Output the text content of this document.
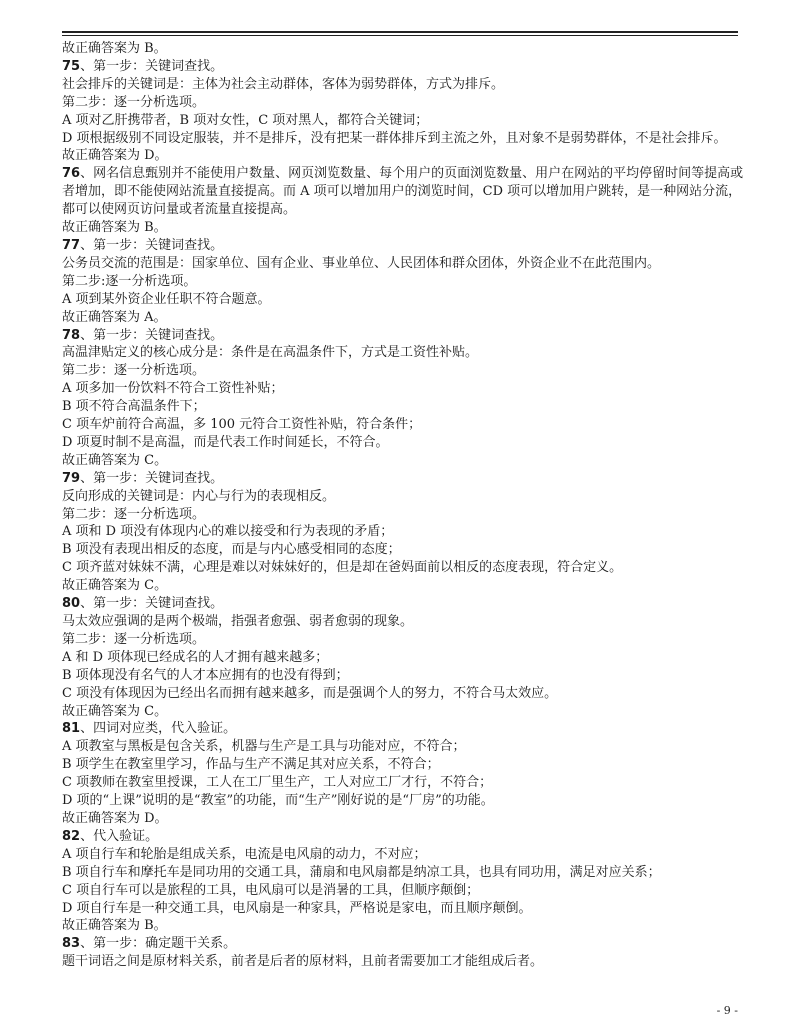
故正确答案为 B。

75、第一步：关键词查找。

社会排斥的关键词是：主体为社会主动群体，客体为弱势群体，方式为排斥。

第二步：逐一分析选项。

A 项对乙肝携带者，B 项对女性，C 项对黑人，都符合关键词；

D 项根据级别不同设定服装，并不是排斥，没有把某一群体排斥到主流之外，且对象不是弱势群体，不是社会排斥。

故正确答案为 D。

76、网名信息甄别并不能使用户数量、网页浏览数量、每个用户的页面浏览数量、用户在网站的平均停留时间等提高或者增加，即不能使网站流量直接提高。而 A 项可以增加用户的浏览时间，CD 项可以增加用户跳转，是一种网站分流，都可以使网页访问量或者流量直接提高。

故正确答案为 B。

77、第一步：关键词查找。

公务员交流的范围是：国家单位、国有企业、事业单位、人民团体和群众团体，外资企业不在此范围内。

第二步:逐一分析选项。

A 项到某外资企业任职不符合题意。

故正确答案为 A。

78、第一步：关键词查找。

高温津贴定义的核心成分是：条件是在高温条件下，方式是工资性补贴。

第二步：逐一分析选项。

A 项多加一份饮料不符合工资性补贴；

B 项不符合高温条件下；

C 项车炉前符合高温，多 100 元符合工资性补贴，符合条件；

D 项夏时制不是高温，而是代表工作时间延长，不符合。

故正确答案为 C。

79、第一步：关键词查找。

反向形成的关键词是：内心与行为的表现相反。

第二步：逐一分析选项。

A 项和 D 项没有体现内心的难以接受和行为表现的矛盾；

B 项没有表现出相反的态度，而是与内心感受相同的态度；

C 项齐蓝对妹妹不满，心理是难以对妹妹好的，但是却在爸妈面前以相反的态度表现，符合定义。

故正确答案为 C。

80、第一步：关键词查找。

马太效应强调的是两个极端，指强者愈强、弱者愈弱的现象。

第二步：逐一分析选项。

A 和 D 项体现已经成名的人才拥有越来越多；

B 项体现没有名气的人才本应拥有的也没有得到；

C 项没有体现因为已经出名而拥有越来越多，而是强调个人的努力，不符合马太效应。

故正确答案为 C。

81、四词对应类，代入验证。

A 项教室与黑板是包含关系，机器与生产是工具与功能对应，不符合；

B 项学生在教室里学习，作品与生产不满足其对应关系，不符合；

C 项教师在教室里授课，工人在工厂里生产，工人对应工厂才行，不符合；

D 项的“上课”说明的是“教室”的功能，而“生产”刚好说的是“厂房”的功能。

故正确答案为 D。

82、代入验证。

A 项自行车和轮胎是组成关系，电流是电风扇的动力，不对应；

B 项自行车和摩托车是同功用的交通工具，蒲扇和电风扇都是纳凉工具，也具有同功用，满足对应关系；

C 项自行车可以是旅程的工具，电风扇可以是消暑的工具，但顺序颠倒；

D 项自行车是一种交通工具，电风扇是一种家具，严格说是家电，而且顺序颠倒。

故正确答案为 B。

83、第一步：确定题干关系。

题干词语之间是原材料关系，前者是后者的原材料，且前者需要加工才能组成后者。

- 9 -
